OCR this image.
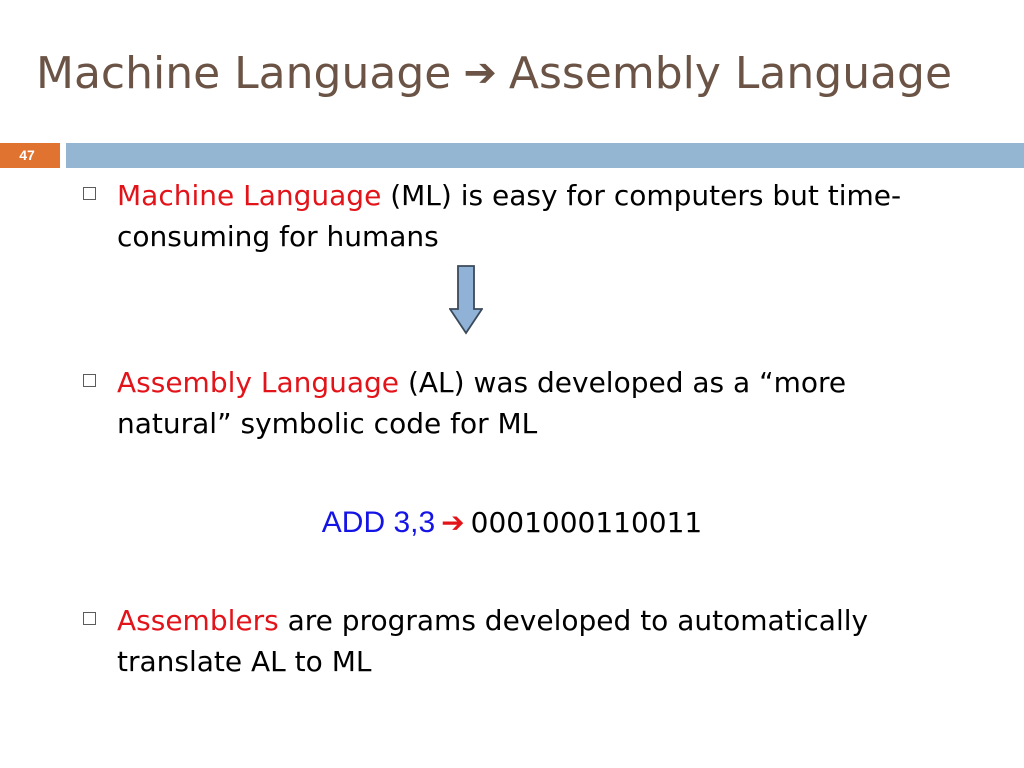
Machine Language ➔ Assembly Language
47
Machine Language (ML) is easy for computers but time-consuming for humans
Assembly Language (AL) was developed as a “more natural” symbolic code for ML
ADD 3,3 ➔ 0001000110011
Assemblers are programs developed to automatically translate AL to ML
